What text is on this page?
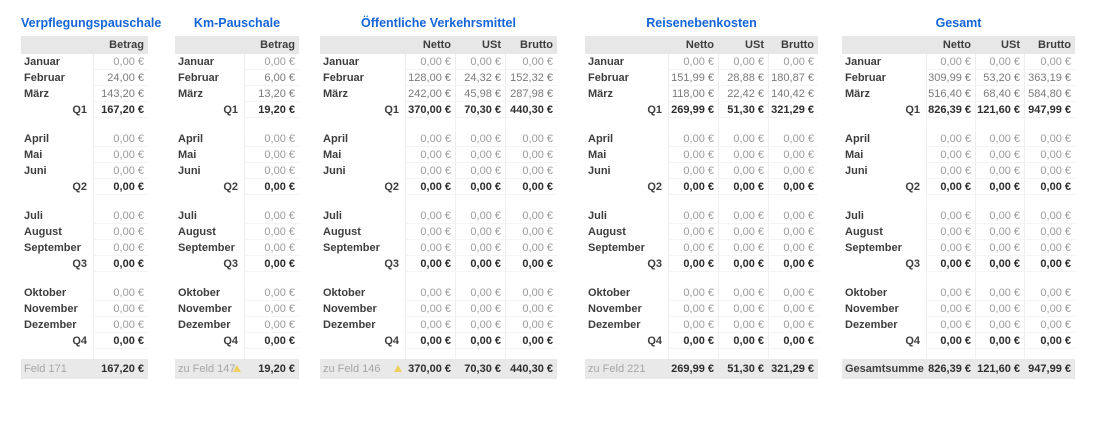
Verpflegungspauschale
Betrag
Januar	0,00 €
Februar	24,00 €
März	143,20 €
Q1	167,20 €
April	0,00 €
Mai	0,00 €
Juni	0,00 €
Q2	0,00 €
Juli	0,00 €
August	0,00 €
September	0,00 €
Q3	0,00 €
Oktober	0,00 €
November	0,00 €
Dezember	0,00 €
Q4	0,00 €
Feld 171	167,20 €
Km-Pauschale
Betrag
Januar	0,00 €
Februar	6,00 €
März	13,20 €
Q1	19,20 €
April	0,00 €
Mai	0,00 €
Juni	0,00 €
Q2	0,00 €
Juli	0,00 €
August	0,00 €
September	0,00 €
Q3	0,00 €
Oktober	0,00 €
November	0,00 €
Dezember	0,00 €
Q4	0,00 €
zu Feld 147	19,20 €
Öffentliche Verkehrsmittel
Netto	USt	Brutto
Januar	0,00 €	0,00 €	0,00 €
Februar	128,00 €	24,32 € 152,32 €
März	242,00 €	45,98 € 287,98 €
Q1 370,00 €	70,30 € 440,30 €
April	0,00 €	0,00 €	0,00 €
Mai	0,00 €	0,00 €	0,00 €
Juni	0,00 €	0,00 €	0,00 €
Q2	0,00 €	0,00 €	0,00 €
Juli	0,00 €	0,00 €	0,00 €
August	0,00 €	0,00 €	0,00 €
September	0,00 €	0,00 €	0,00 €
Q3	0,00 €	0,00 €	0,00 €
Oktober	0,00 €	0,00 €	0,00 €
November	0,00 €	0,00 €	0,00 €
Dezember	0,00 €	0,00 €	0,00 €
Q4	0,00 €	0,00 €	0,00 €
zu Feld 146	370,00 €	70,30 € 440,30 €
Reisenebenkosten
Netto	USt	Brutto
Januar	0,00 €	0,00 €	0,00 €
Februar	151,99 €	28,88 € 180,87 €
März	118,00 €	22,42 € 140,42 €
Q1 269,99 €	51,30 € 321,29 €
April	0,00 €	0,00 €	0,00 €
Mai	0,00 €	0,00 €	0,00 €
Juni	0,00 €	0,00 €	0,00 €
Q2	0,00 €	0,00 €	0,00 €
Juli	0,00 €	0,00 €	0,00 €
August	0,00 €	0,00 €	0,00 €
September	0,00 €	0,00 €	0,00 €
Q3	0,00 €	0,00 €	0,00 €
Oktober	0,00 €	0,00 €	0,00 €
November	0,00 €	0,00 €	0,00 €
Dezember	0,00 €	0,00 €	0,00 €
Q4	0,00 €	0,00 €	0,00 €
zu Feld 221	269,99 €	51,30 € 321,29 €
Gesamt
Netto	USt	Brutto
Januar	0,00 €	0,00 €	0,00 €
Februar	309,99 €	53,20 € 363,19 €
März	516,40 €	68,40 € 584,80 €
Q1 826,39 € 121,60 € 947,99 €
April	0,00 €	0,00 €	0,00 €
Mai	0,00 €	0,00 €	0,00 €
Juni	0,00 €	0,00 €	0,00 €
Q2	0,00 €	0,00 €	0,00 €
Juli	0,00 €	0,00 €	0,00 €
August	0,00 €	0,00 €	0,00 €
September	0,00 €	0,00 €	0,00 €
Q3	0,00 €	0,00 €	0,00 €
Oktober	0,00 €	0,00 €	0,00 €
November	0,00 €	0,00 €	0,00 €
Dezember	0,00 €	0,00 €	0,00 €
Q4	0,00 €	0,00 €	0,00 €
Gesamtsumme 826,39 € 121,60 € 947,99 €
